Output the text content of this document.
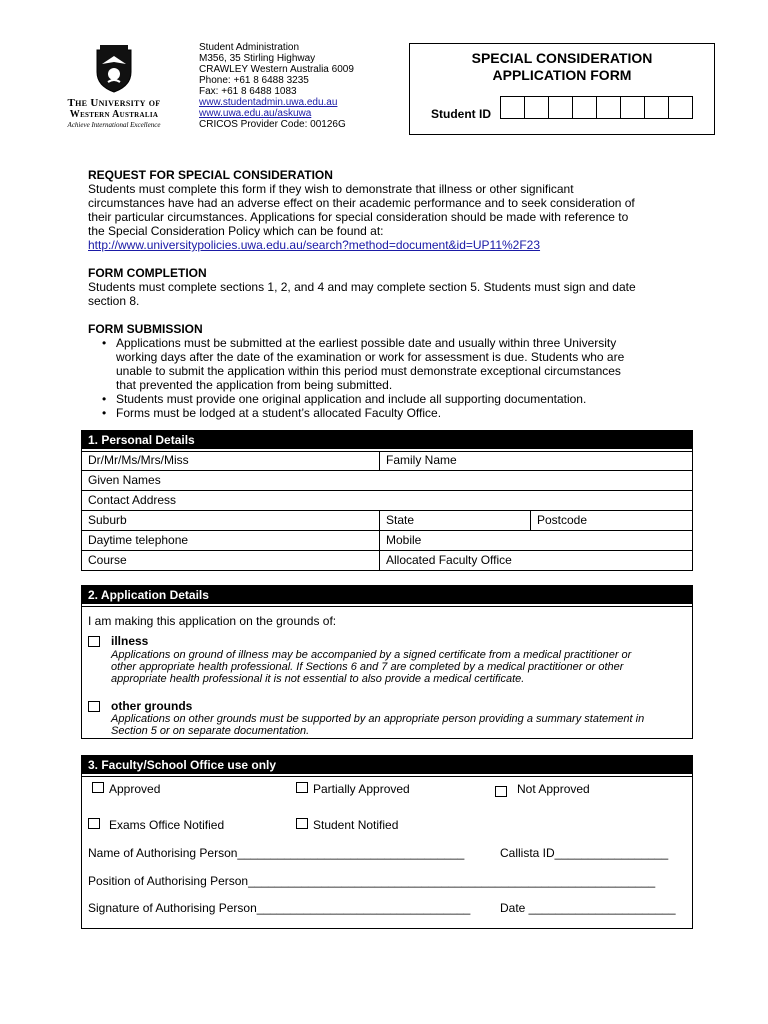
The University of
Western Australia
Achieve International Excellence
Student Administration
M356, 35 Stirling Highway
CRAWLEY Western Australia 6009
Phone: +61 8 6488 3235
Fax: +61 8 6488 1083
www.studentadmin.uwa.edu.au
www.uwa.edu.au/askuwa
CRICOS Provider Code: 00126G
SPECIAL CONSIDERATION
APPLICATION FORM
Student ID
REQUEST FOR SPECIAL CONSIDERATION
Students must complete this form if they wish to demonstrate that illness or other significant
circumstances have had an adverse effect on their academic performance and to seek consideration of
their particular circumstances. Applications for special consideration should be made with reference to
the Special Consideration Policy which can be found at:
http://www.universitypolicies.uwa.edu.au/search?method=document&id=UP11%2F23
FORM COMPLETION
Students must complete sections 1, 2, and 4 and may complete section 5. Students must sign and date
section 8.
FORM SUBMISSION
• Applications must be submitted at the earliest possible date and usually within three University
working days after the date of the examination or work for assessment is due. Students who are
unable to submit the application within this period must demonstrate exceptional circumstances
that prevented the application from being submitted.
• Students must provide one original application and include all supporting documentation.
• Forms must be lodged at a student’s allocated Faculty Office.
1. Personal Details
Dr/Mr/Ms/Mrs/Miss	Family Name
Given Names
Contact Address
Suburb	State	Postcode
Daytime telephone	Mobile
Course	Allocated Faculty Office
2. Application Details
I am making this application on the grounds of:
illness
Applications on ground of illness may be accompanied by a signed certificate from a medical practitioner or
other appropriate health professional. If Sections 6 and 7 are completed by a medical practitioner or other
appropriate health professional it is not essential to also provide a medical certificate.
other grounds
Applications on other grounds must be supported by an appropriate person providing a summary statement in
Section 5 or on separate documentation.
3. Faculty/School Office use only
Approved	Partially Approved	Not Approved
Exams Office Notified	Student Notified
Name of Authorising Person__________________________________	Callista ID_________________
Position of Authorising Person_____________________________________________________________
Signature of Authorising Person________________________________ Date ______________________
